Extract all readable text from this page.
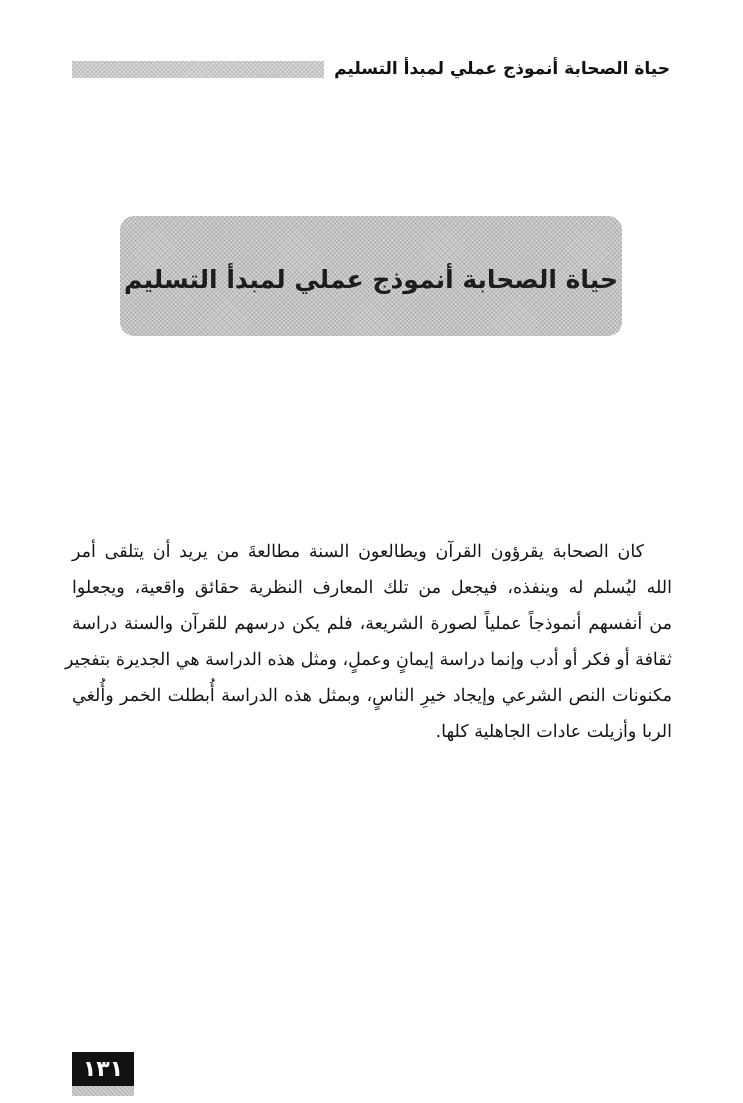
حياة الصحابة أنموذج عملي لمبدأ التسليم
حياة الصحابة أنموذج عملي لمبدأ التسليم
كان الصحابة يقرؤون القرآن ويطالعون السنة مطالعةَ من يريد أن يتلقى أمر
الله ليُسلم له وينفذه، فيجعل من تلك المعارف النظرية حقائق واقعية، ويجعلوا
من أنفسهم أنموذجاً عملياً لصورة الشريعة، فلم يكن درسهم للقرآن والسنة دراسة
ثقافة أو فكر أو أدب وإنما دراسة إيمانٍ وعملٍ، ومثل هذه الدراسة هي الجديرة بتفجير
مكنونات النص الشرعي وإيجاد خيرِ الناسٍ، وبمثل هذه الدراسة أُبطلت الخمر وأُلغي
الربا وأزيلت عادات الجاهلية كلها.
١٣١
